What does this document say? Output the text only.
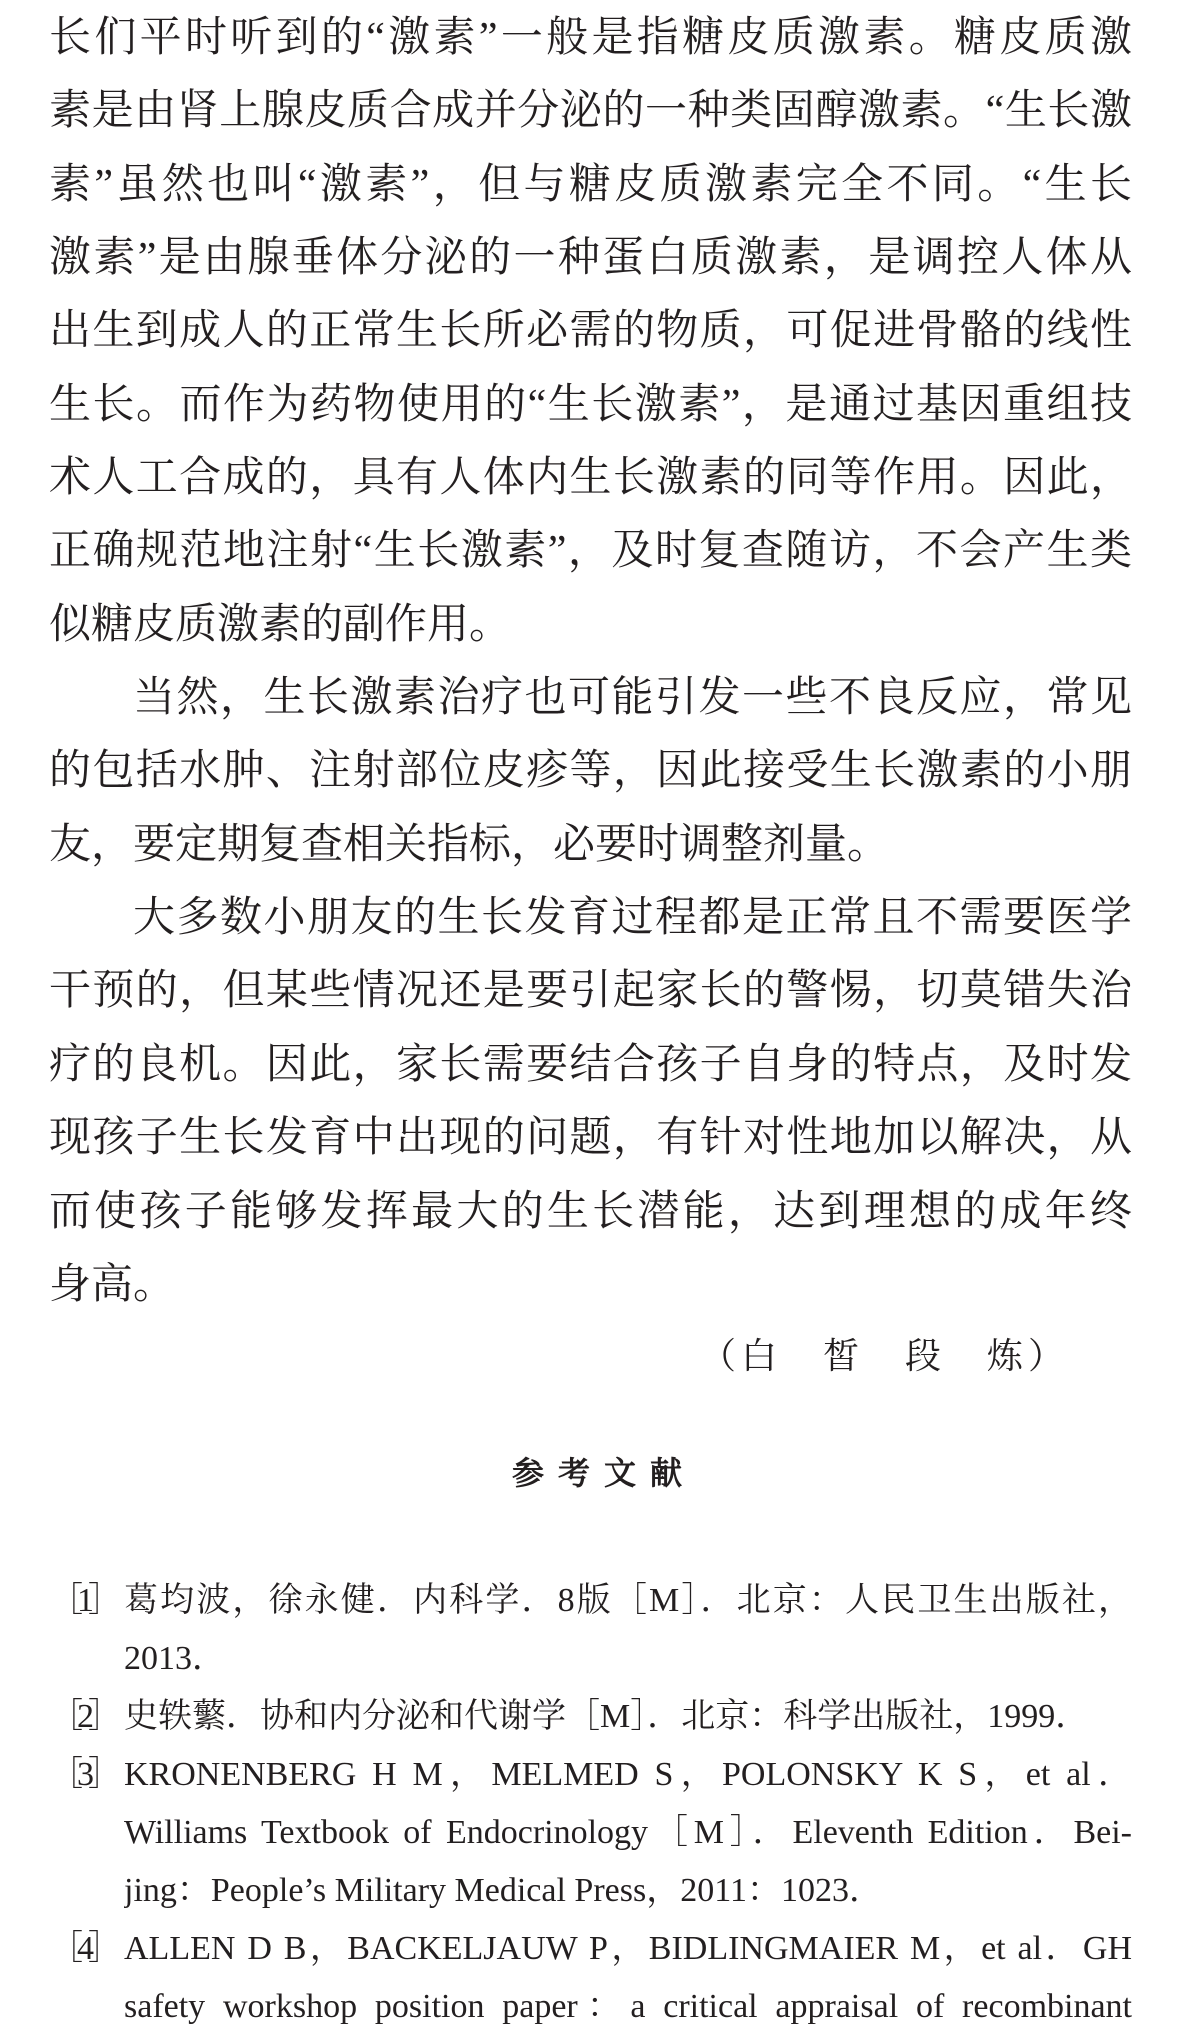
长们平时听到的“激素”一般是指糖皮质激素。糖皮质激
素是由肾上腺皮质合成并分泌的一种类固醇激素。“生长激
素”虽然也叫“激素”，但与糖皮质激素完全不同。“生长
激素”是由腺垂体分泌的一种蛋白质激素，是调控人体从
出生到成人的正常生长所必需的物质，可促进骨骼的线性
生长。而作为药物使用的“生长激素”，是通过基因重组技
术人工合成的，具有人体内生长激素的同等作用。因此，
正确规范地注射“生长激素”，及时复查随访，不会产生类
似糖皮质激素的副作用。
当然，生长激素治疗也可能引发一些不良反应，常见
的包括水肿、注射部位皮疹等，因此接受生长激素的小朋
友，要定期复查相关指标，必要时调整剂量。
大多数小朋友的生长发育过程都是正常且不需要医学
干预的，但某些情况还是要引起家长的警惕，切莫错失治
疗的良机。因此，家长需要结合孩子自身的特点，及时发
现孩子生长发育中出现的问题，有针对性地加以解决，从
而使孩子能够发挥最大的生长潜能，达到理想的成年终
身高。
（白　皙　段　炼）
参考文献
［1］ 葛均波，徐永健．内科学．8版［M］．北京：人民卫生出版社，
2013．
［2］ 史轶蘩．协和内分泌和代谢学［M］．北京：科学出版社，1999．
［3］ KRONENBERG H M，MELMED S，POLONSKY K S，et al．
Williams Textbook of Endocrinology［M］．Eleventh Edition．Bei-
jing：People’s Military Medical Press，2011：1023．
［4］ ALLEN D B，BACKELJAUW P，BIDLINGMAIER M，et al．GH
safety workshop position paper：a critical appraisal of recombinant
